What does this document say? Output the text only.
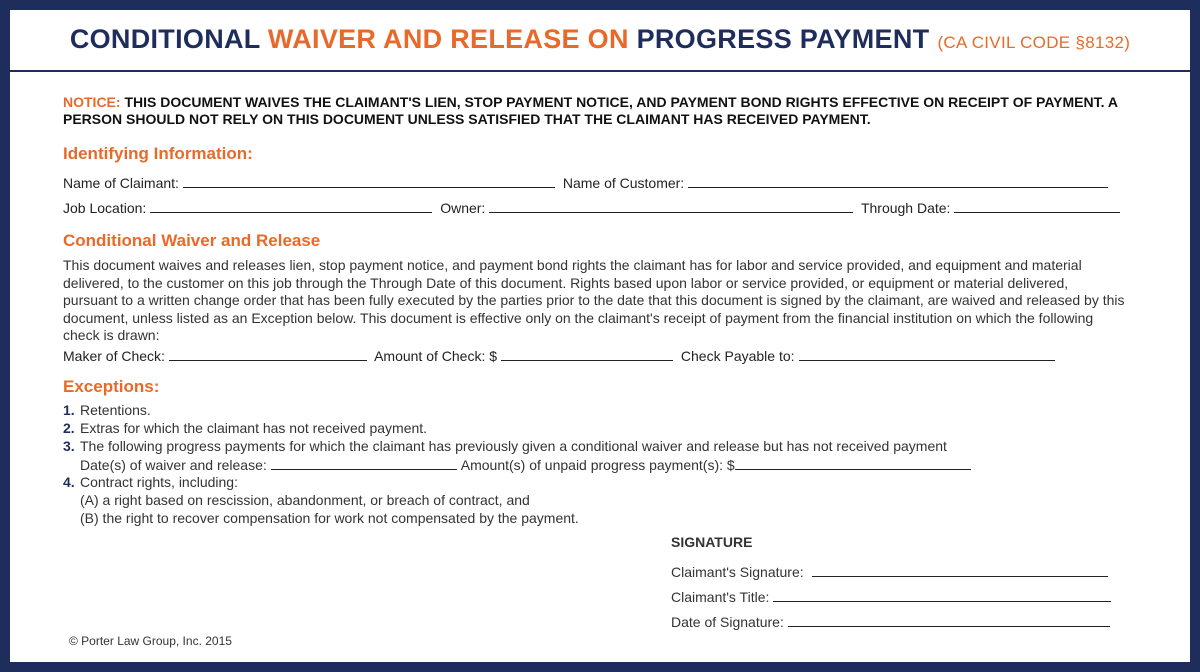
CONDITIONAL WAIVER AND RELEASE ON PROGRESS PAYMENT (CA CIVIL CODE §8132)
NOTICE: THIS DOCUMENT WAIVES THE CLAIMANT'S LIEN, STOP PAYMENT NOTICE, AND PAYMENT BOND RIGHTS EFFECTIVE ON RECEIPT OF PAYMENT. A PERSON SHOULD NOT RELY ON THIS DOCUMENT UNLESS SATISFIED THAT THE CLAIMANT HAS RECEIVED PAYMENT.
Identifying Information:
Name of Claimant:	Name of Customer:
Job Location:	Owner:	Through Date:
Conditional Waiver and Release
This document waives and releases lien, stop payment notice, and payment bond rights the claimant has for labor and service provided, and equipment and material delivered, to the customer on this job through the Through Date of this document. Rights based upon labor or service provided, or equipment or material delivered, pursuant to a written change order that has been fully executed by the parties prior to the date that this document is signed by the claimant, are waived and released by this document, unless listed as an Exception below. This document is effective only on the claimant's receipt of payment from the financial institution on which the following check is drawn:
Maker of Check:	Amount of Check: $	Check Payable to:
Exceptions:
1. Retentions.
2. Extras for which the claimant has not received payment.
3. The following progress payments for which the claimant has previously given a conditional waiver and release but has not received payment
Date(s) of waiver and release:	Amount(s) of unpaid progress payment(s): $
4. Contract rights, including:
(A) a right based on rescission, abandonment, or breach of contract, and
(B) the right to recover compensation for work not compensated by the payment.
SIGNATURE
Claimant's Signature:
Claimant's Title:
Date of Signature:
© Porter Law Group, Inc. 2015
